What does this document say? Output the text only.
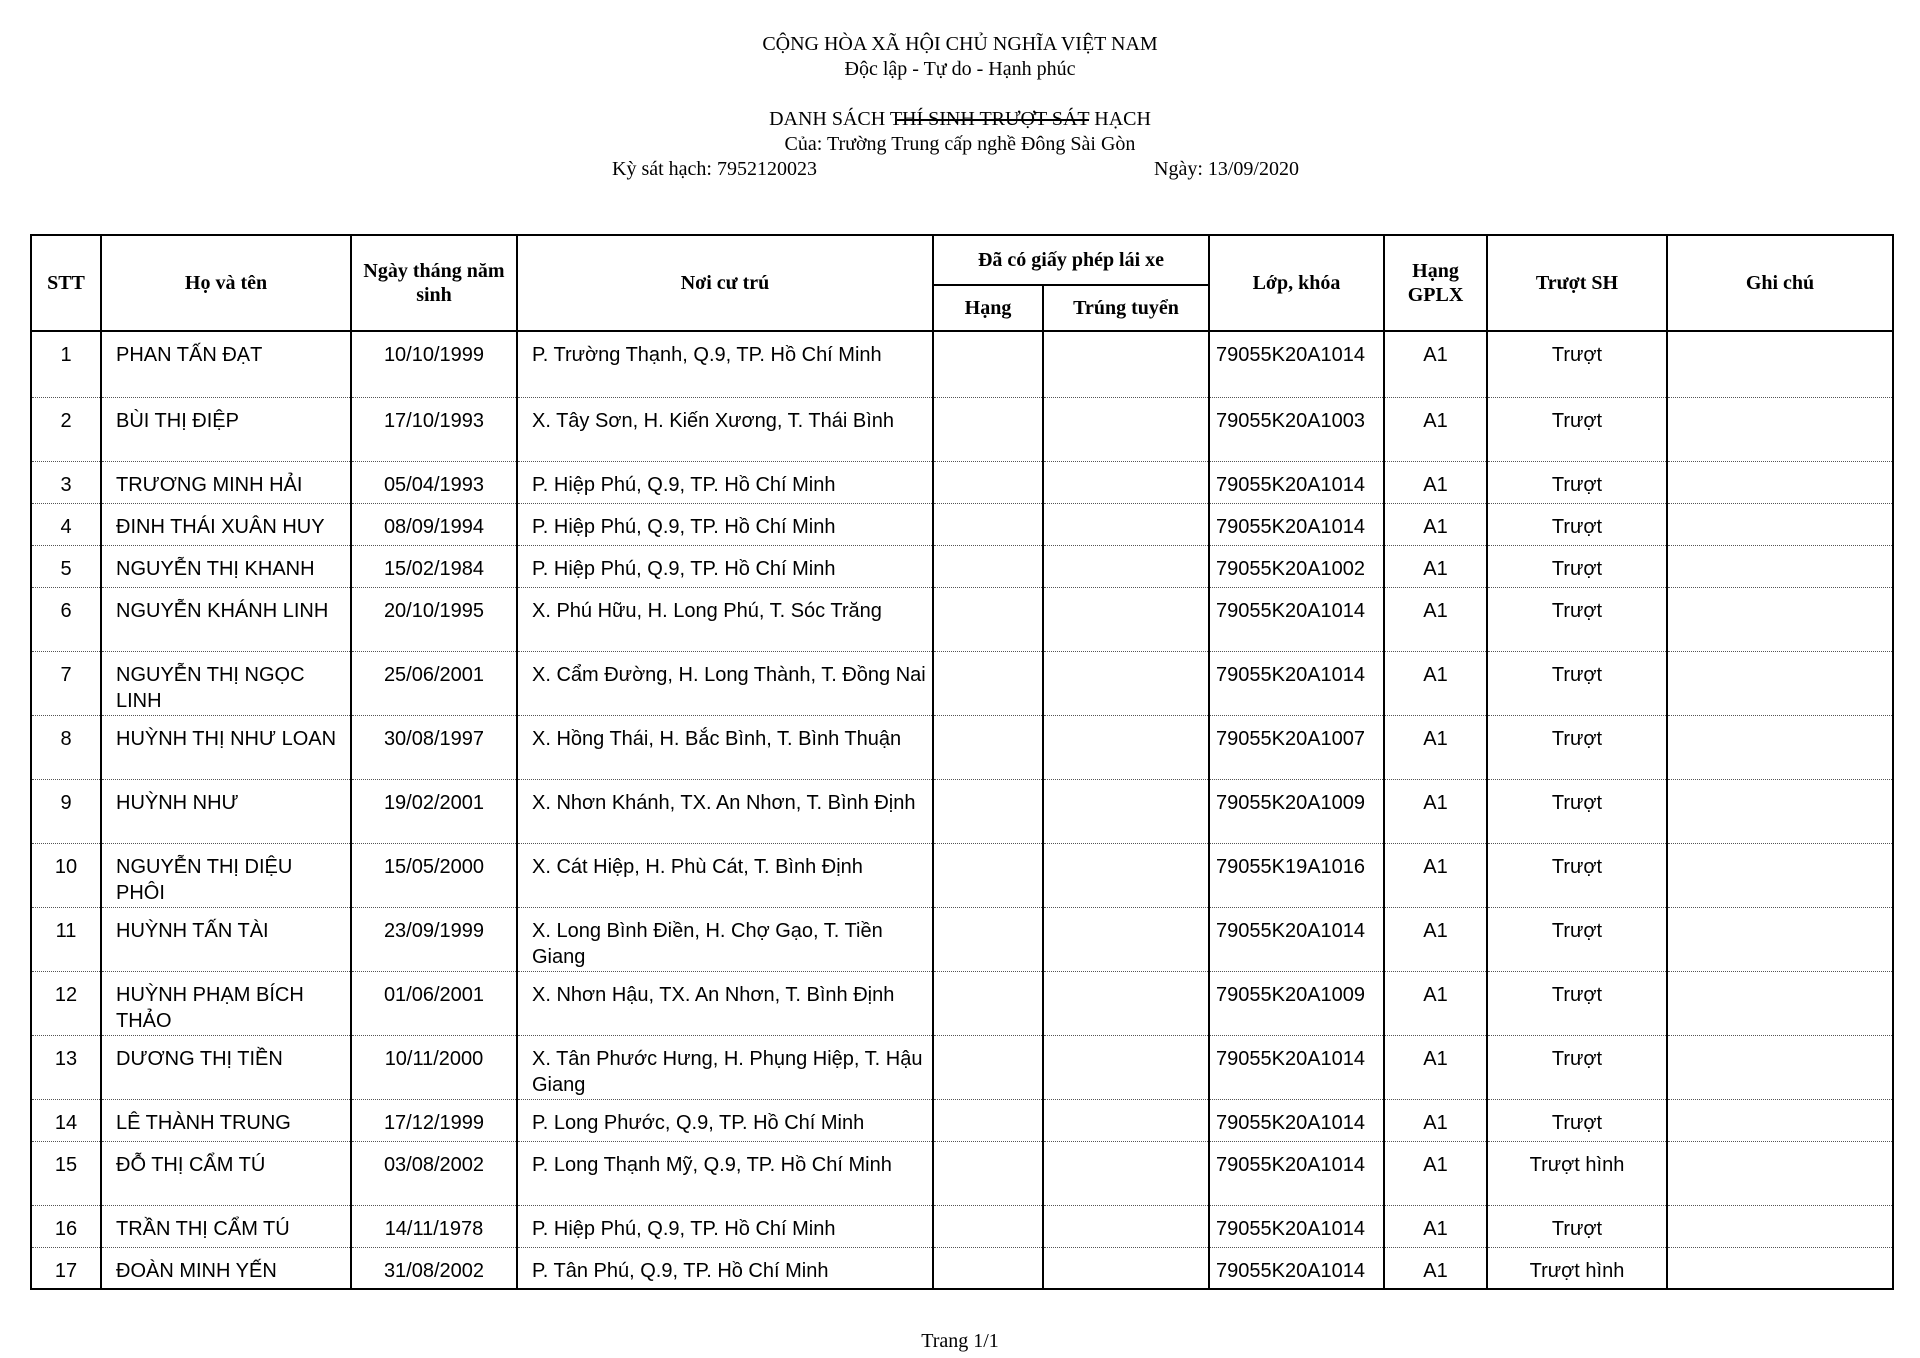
CỘNG HÒA XÃ HỘI CHỦ NGHĨA VIỆT NAM
Độc lập - Tự do - Hạnh phúc
DANH SÁCH THÍ SINH TRƯỢT SÁT HẠCH
Của: Trường Trung cấp nghề Đông Sài Gòn
Kỳ sát hạch: 7952120023	Ngày: 13/09/2020
STT	Họ và tên	Ngày tháng năm sinh	Nơi cư trú	Đã có giấy phép lái xe		Lớp, khóa	Hạng GPLX	Trượt SH	Ghi chú
				Hạng	Trúng tuyển				
1	PHAN TẤN ĐẠT	10/10/1999	P. Trường Thạnh, Q.9, TP. Hồ Chí Minh			79055K20A1014	A1	Trượt	
2	BÙI THỊ ĐIỆP	17/10/1993	X. Tây Sơn, H. Kiến Xương, T. Thái Bình			79055K20A1003	A1	Trượt	
3	TRƯƠNG MINH HẢI	05/04/1993	P. Hiệp Phú, Q.9, TP. Hồ Chí Minh			79055K20A1014	A1	Trượt	
4	ĐINH THÁI XUÂN HUY	08/09/1994	P. Hiệp Phú, Q.9, TP. Hồ Chí Minh			79055K20A1014	A1	Trượt	
5	NGUYỄN THỊ KHANH	15/02/1984	P. Hiệp Phú, Q.9, TP. Hồ Chí Minh			79055K20A1002	A1	Trượt	
6	NGUYỄN KHÁNH LINH	20/10/1995	X. Phú Hữu, H. Long Phú, T. Sóc Trăng			79055K20A1014	A1	Trượt	
7	NGUYỄN THỊ NGỌC LINH	25/06/2001	X. Cẩm Đường, H. Long Thành, T. Đồng Nai			79055K20A1014	A1	Trượt	
8	HUỲNH THỊ NHƯ LOAN	30/08/1997	X. Hồng Thái, H. Bắc Bình, T. Bình Thuận			79055K20A1007	A1	Trượt	
9	HUỲNH NHƯ	19/02/2001	X. Nhơn Khánh, TX. An Nhơn, T. Bình Định			79055K20A1009	A1	Trượt	
10	NGUYỄN THỊ DIỆU PHÔI	15/05/2000	X. Cát Hiệp, H. Phù Cát, T. Bình Định			79055K19A1016	A1	Trượt	
11	HUỲNH TẤN TÀI	23/09/1999	X. Long Bình Điền, H. Chợ Gạo, T. Tiền Giang			79055K20A1014	A1	Trượt	
12	HUỲNH PHẠM BÍCH THẢO	01/06/2001	X. Nhơn Hậu, TX. An Nhơn, T. Bình Định			79055K20A1009	A1	Trượt	
13	DƯƠNG THỊ TIỀN	10/11/2000	X. Tân Phước Hưng, H. Phụng Hiệp, T. Hậu Giang			79055K20A1014	A1	Trượt	
14	LÊ THÀNH TRUNG	17/12/1999	P. Long Phước, Q.9, TP. Hồ Chí Minh			79055K20A1014	A1	Trượt	
15	ĐỖ THỊ CẨM TÚ	03/08/2002	P. Long Thạnh Mỹ, Q.9, TP. Hồ Chí Minh			79055K20A1014	A1	Trượt hình	
16	TRẦN THỊ CẨM TÚ	14/11/1978	P. Hiệp Phú, Q.9, TP. Hồ Chí Minh			79055K20A1014	A1	Trượt	
17	ĐOÀN MINH YẾN	31/08/2002	P. Tân Phú, Q.9, TP. Hồ Chí Minh			79055K20A1014	A1	Trượt hình	
Trang 1/1
